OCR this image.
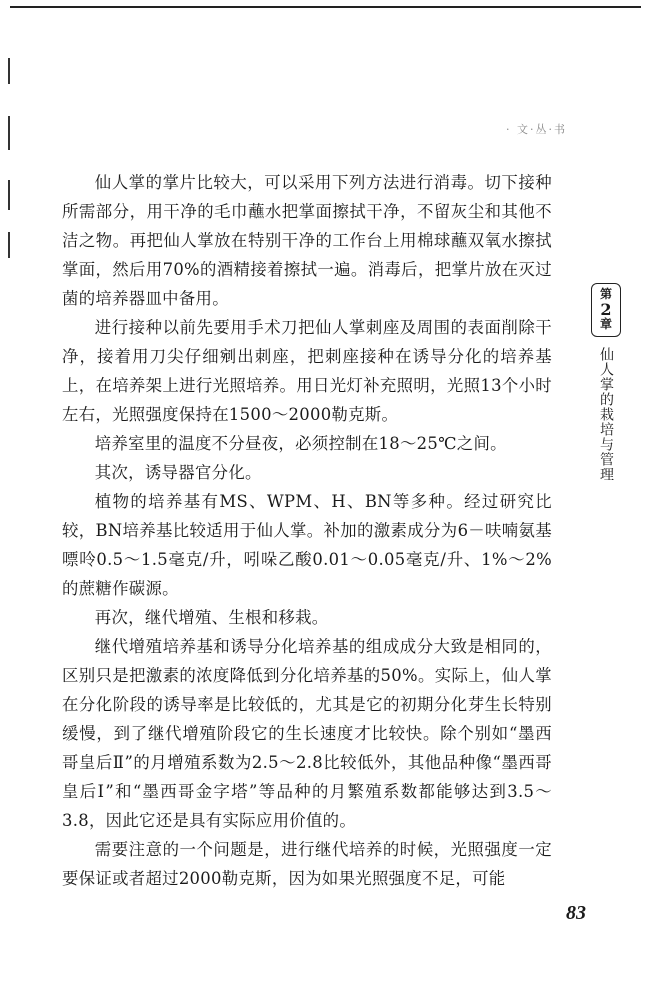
· 文·丛·书

仙人掌的掌片比较大，可以采用下列方法进行消毒。切下接种所需部分，用干净的毛巾蘸水把掌面擦拭干净，不留灰尘和其他不洁之物。再把仙人掌放在特别干净的工作台上用棉球蘸双氧水擦拭掌面，然后用70%的酒精接着擦拭一遍。消毒后，把掌片放在灭过菌的培养器皿中备用。

进行接种以前先要用手术刀把仙人掌刺座及周围的表面削除干净，接着用刀尖仔细剜出刺座，把刺座接种在诱导分化的培养基上，在培养架上进行光照培养。用日光灯补充照明，光照13个小时左右，光照强度保持在1500～2000勒克斯。

培养室里的温度不分昼夜，必须控制在18～25℃之间。

其次，诱导器官分化。

植物的培养基有MS、WPM、H、BN等多种。经过研究比较，BN培养基比较适用于仙人掌。补加的激素成分为6－呋喃氨基嘌呤0.5～1.5毫克/升，吲哚乙酸0.01～0.05毫克/升、1%～2%的蔗糖作碳源。

再次，继代增殖、生根和移栽。

继代增殖培养基和诱导分化培养基的组成成分大致是相同的，区别只是把激素的浓度降低到分化培养基的50%。实际上，仙人掌在分化阶段的诱导率是比较低的，尤其是它的初期分化芽生长特别缓慢，到了继代增殖阶段它的生长速度才比较快。除个别如“墨西哥皇后Ⅱ”的月增殖系数为2.5～2.8比较低外，其他品种像“墨西哥皇后Ⅰ”和“墨西哥金字塔”等品种的月繁殖系数都能够达到3.5～3.8，因此它还是具有实际应用价值的。

需要注意的一个问题是，进行继代培养的时候，光照强度一定要保证或者超过2000勒克斯，因为如果光照强度不足，可能

第
2
章
仙人掌的栽培与管理
83
